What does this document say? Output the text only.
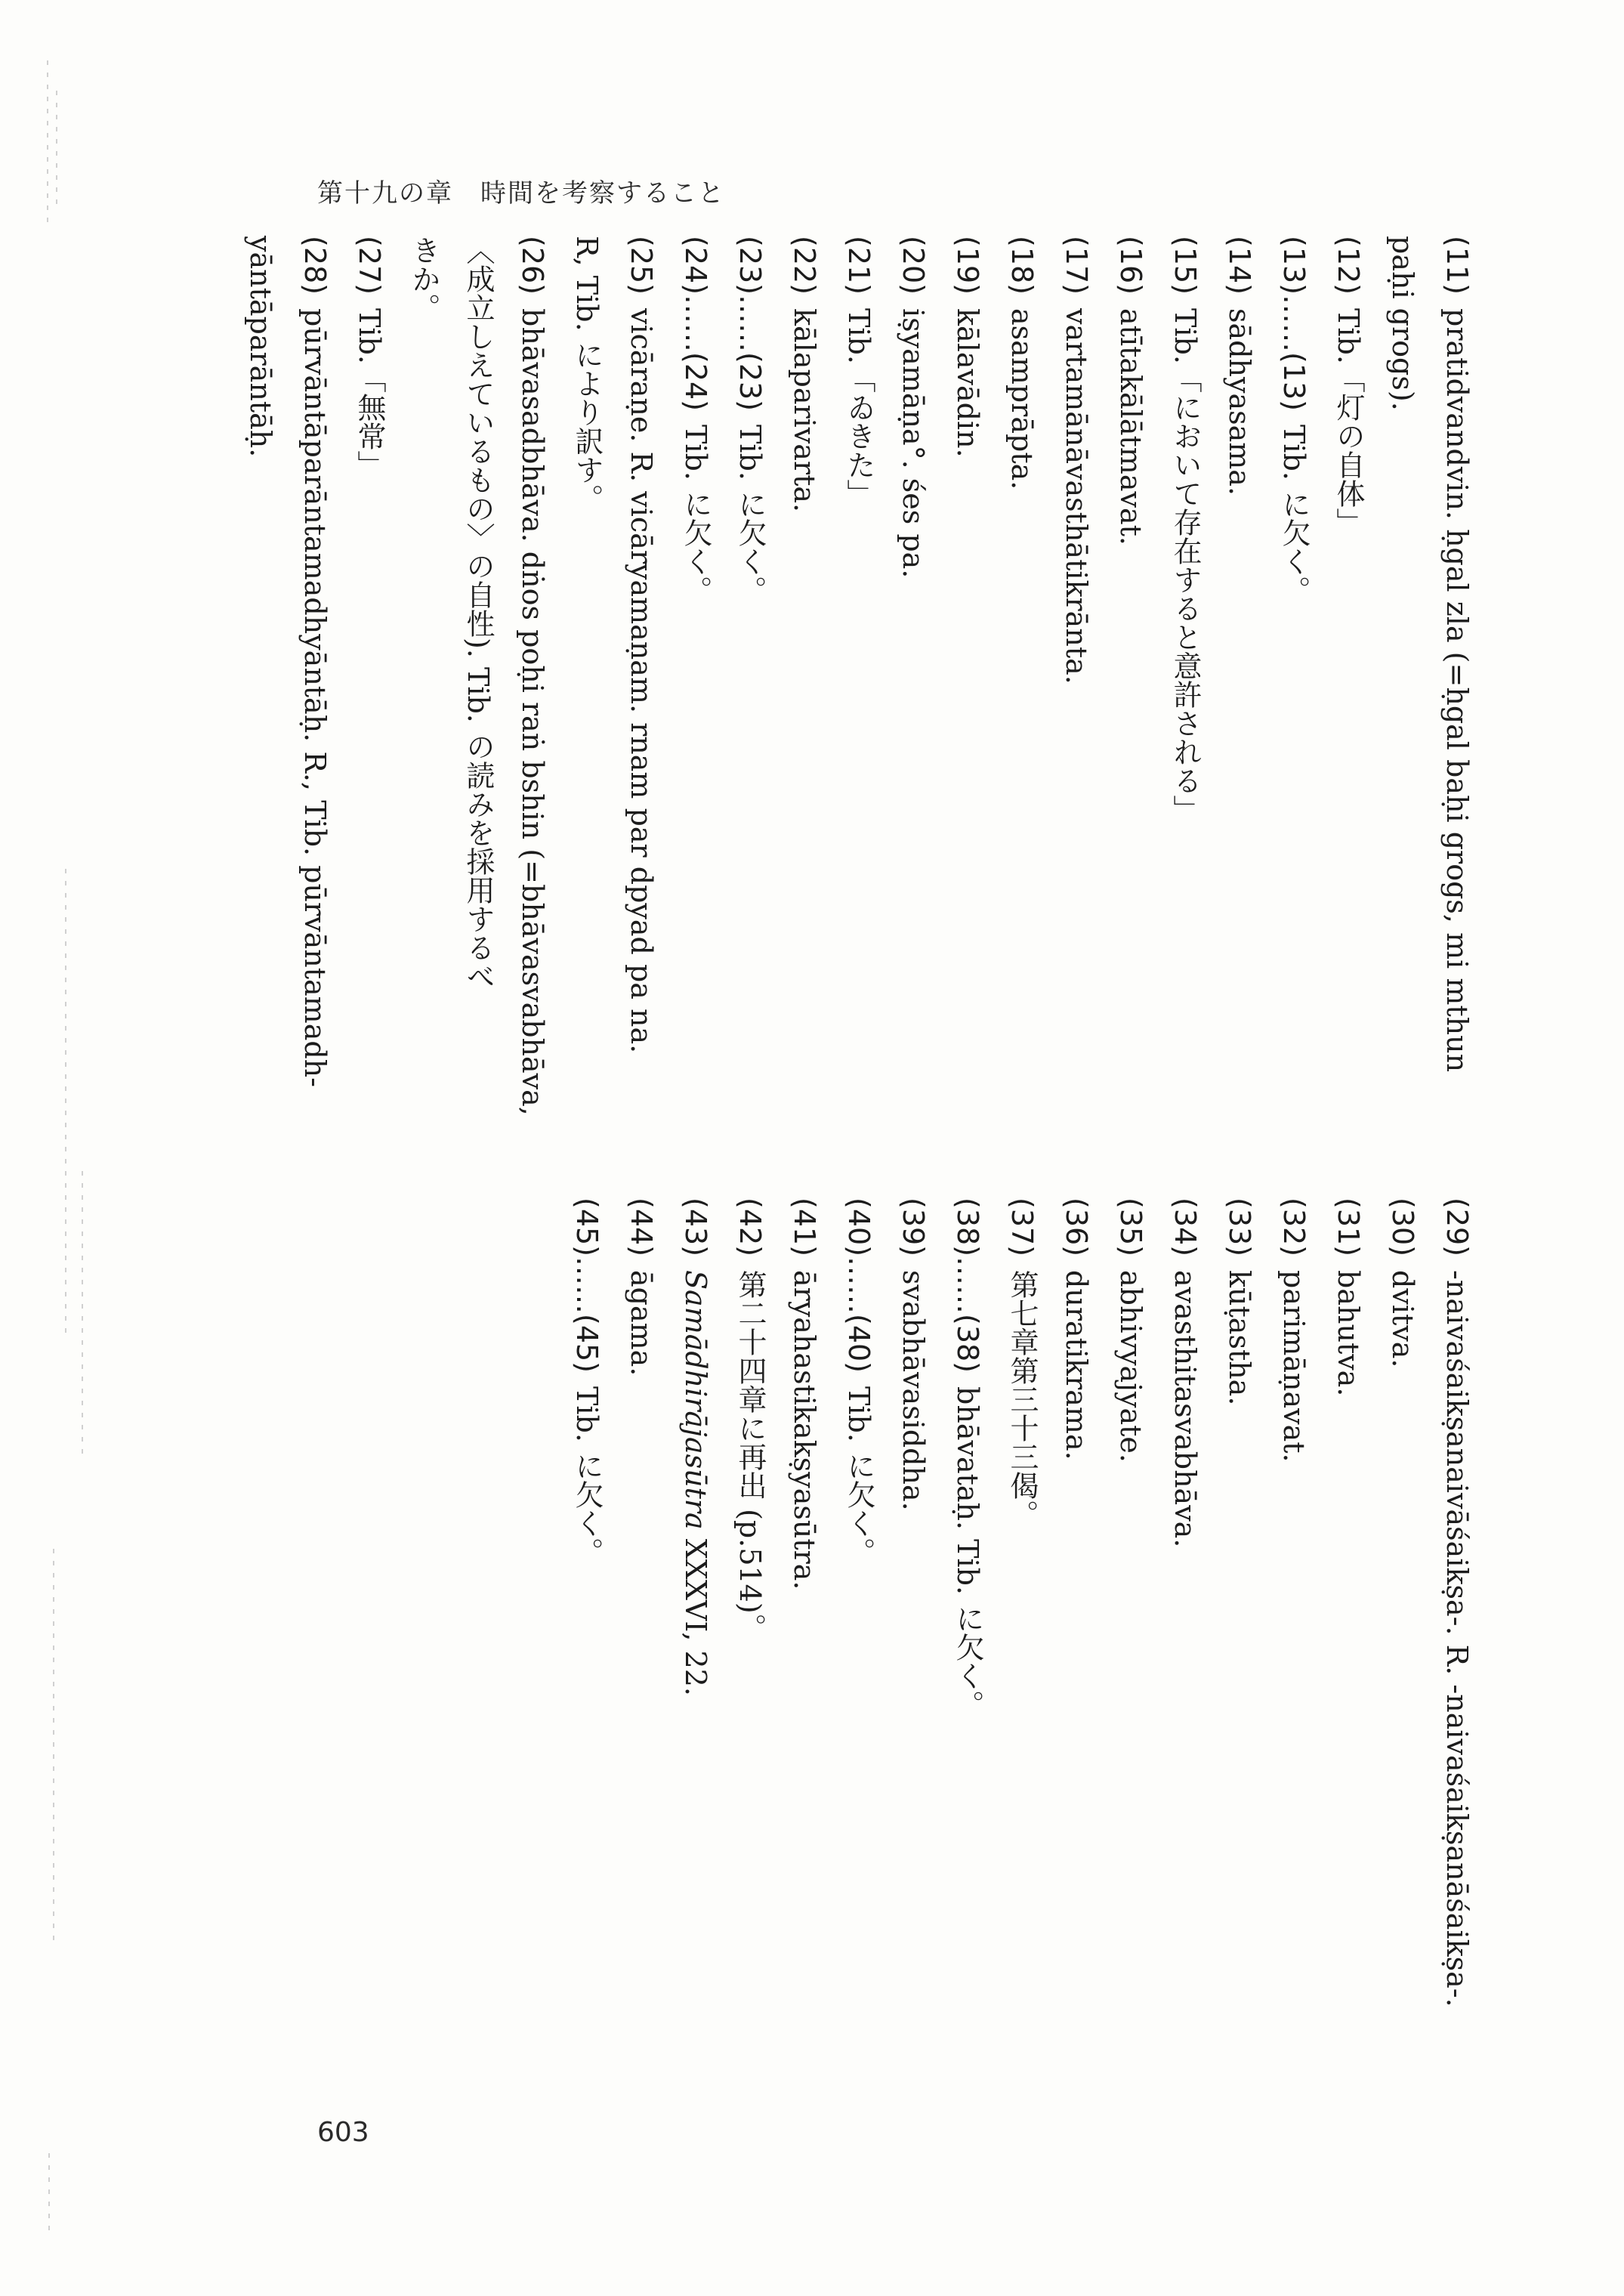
第十九の章 時間を考察すること
(11)pratidvandvin. ḥgal zla (=ḥgal baḥi grogs, mi mthun
paḥi grogs).
(12)Tib.「灯の自体」
(13)……(13)Tib. に欠く。
(14)sādhyasama.
(15)Tib.「において存在すると意許される」
(16)atītakālātmavat.
(17)vartamānāvasthātikrānta.
(18)asamprāpta.
(19)kālavādin.
(20)iṣyamāṇa°. śes pa.
(21)Tib.「ゐきた」
(22)kālaparivarta.
(23)……(23)Tib. に欠く。
(24)……(24)Tib. に欠く。
(25)vicāraṇe. R. vicāryamaṇam. rnam par dpyad pa na.
R, Tib. により訳す。
(26)bhāvasadbhāva. dṅos poḥi raṅ bshin (=bhāvasvabhāva,
〈成立しえているもの〉の自性). Tib. の読みを採用するべ
きか。
(27)Tib.「無常」
(28)pūrvāntāparāntamadhyāntāḥ. R., Tib. pūrvāntamadh-
yāntāparāntāḥ.
(29)-naivaśaikṣanaivāśaikṣa-. R. -naivaśaikṣanāśaikṣa-.
(30)dvitva.
(31)bahutva.
(32)parimāṇavat.
(33)kūṭastha.
(34)avasthitasvabhāva.
(35)abhivyajyate.
(36)duratikrama.
(37)第七章第三十三偈。
(38)……(38)bhāvataḥ. Tib. に欠く。
(39)svabhāvasiddha.
(40)……(40)Tib. に欠く。
(41)āryahastikakṣyasūtra.
(42)第二十四章に再出 (p.514)。
(43)Samādhirājasūtra XXXVI, 22.
(44)āgama.
(45)……(45)Tib. に欠く。
603
